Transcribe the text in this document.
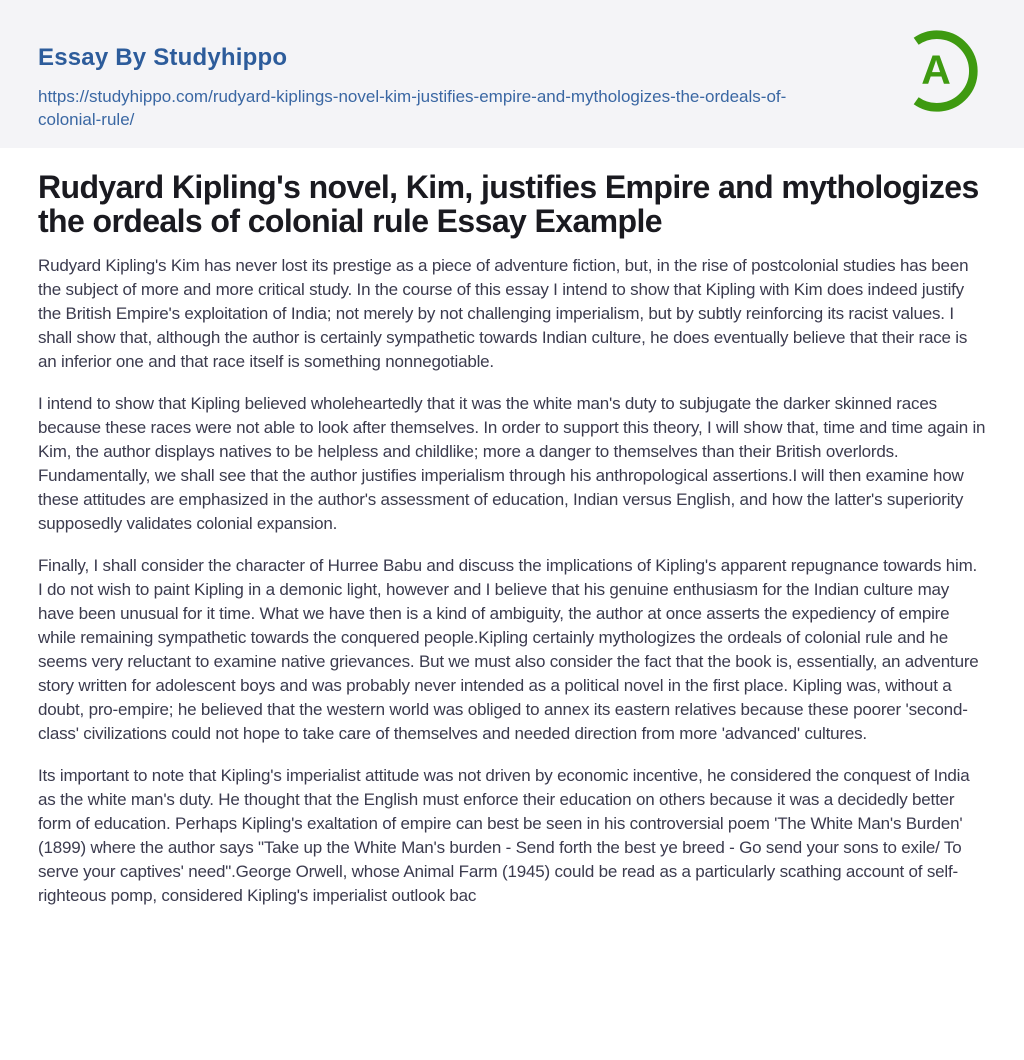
Essay By Studyhippo
https://studyhippo.com/rudyard-kiplings-novel-kim-justifies-empire-and-mythologizes-the-ordeals-of-colonial-rule/
A
Rudyard Kipling's novel, Kim, justifies Empire and mythologizes the ordeals of colonial rule Essay Example

Rudyard Kipling's Kim has never lost its prestige as a piece of adventure fiction, but, in the rise of postcolonial studies has been the subject of more and more critical study. In the course of this essay I intend to show that Kipling with Kim does indeed justify the British Empire's exploitation of India; not merely by not challenging imperialism, but by subtly reinforcing its racist values. I shall show that, although the author is certainly sympathetic towards Indian culture, he does eventually believe that their race is an inferior one and that race itself is something nonnegotiable.

I intend to show that Kipling believed wholeheartedly that it was the white man's duty to subjugate the darker skinned races because these races were not able to look after themselves. In order to support this theory, I will show that, time and time again in Kim, the author displays natives to be helpless and childlike; more a danger to themselves than their British overlords. Fundamentally, we shall see that the author justifies imperialism through his anthropological assertions.I will then examine how these attitudes are emphasized in the author's assessment of education, Indian versus English, and how the latter's superiority supposedly validates colonial expansion.

Finally, I shall consider the character of Hurree Babu and discuss the implications of Kipling's apparent repugnance towards him. I do not wish to paint Kipling in a demonic light, however and I believe that his genuine enthusiasm for the Indian culture may have been unusual for it time. What we have then is a kind of ambiguity, the author at once asserts the expediency of empire while remaining sympathetic towards the conquered people.Kipling certainly mythologizes the ordeals of colonial rule and he seems very reluctant to examine native grievances. But we must also consider the fact that the book is, essentially, an adventure story written for adolescent boys and was probably never intended as a political novel in the first place. Kipling was, without a doubt, pro-empire; he believed that the western world was obliged to annex its eastern relatives because these poorer 'second-class' civilizations could not hope to take care of themselves and needed direction from more 'advanced' cultures.

Its important to note that Kipling's imperialist attitude was not driven by economic incentive, he considered the conquest of India as the white man's duty. He thought that the English must enforce their education on others because it was a decidedly better form of education. Perhaps Kipling's exaltation of empire can best be seen in his controversial poem 'The White Man's Burden' (1899) where the author says "Take up the White Man's burden - Send forth the best ye breed - Go send your sons to exile/ To serve your captives' need".George Orwell, whose Animal Farm (1945) could be read as a particularly scathing account of self-righteous pomp, considered Kipling's imperialist outlook bac
